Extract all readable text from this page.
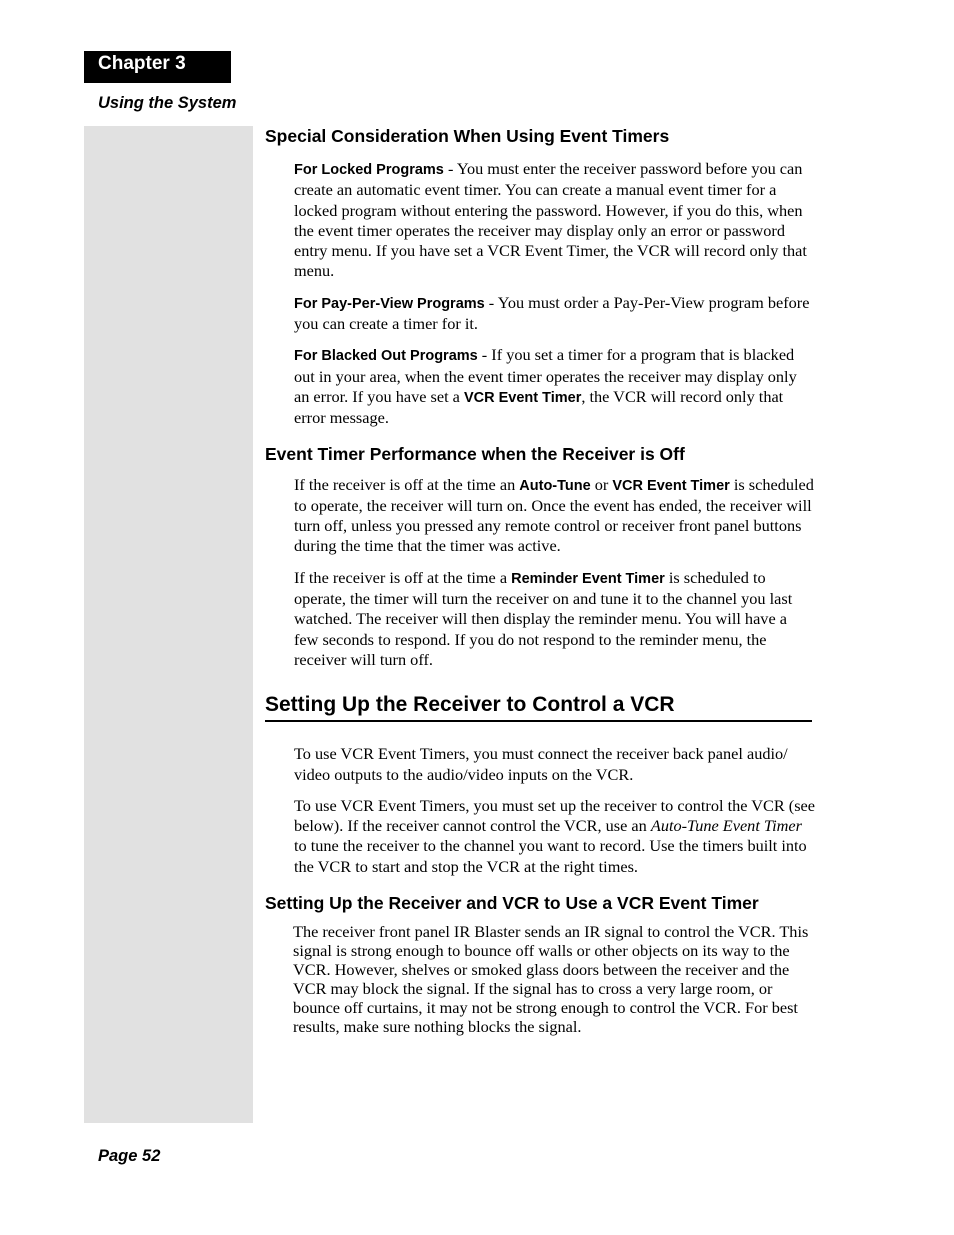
Chapter 3
Using the System
Special Consideration When Using Event Timers

For Locked Programs - You must enter the receiver password before you can create an automatic event timer. You can create a manual event timer for a locked program without entering the password. However, if you do this, when the event timer operates the receiver may display only an error or password entry menu. If you have set a VCR Event Timer, the VCR will record only that menu.

For Pay-Per-View Programs - You must order a Pay-Per-View program before you can create a timer for it.

For Blacked Out Programs - If you set a timer for a program that is blacked out in your area, when the event timer operates the receiver may display only an error. If you have set a VCR Event Timer, the VCR will record only that error message.

Event Timer Performance when the Receiver is Off

If the receiver is off at the time an Auto-Tune or VCR Event Timer is scheduled to operate, the receiver will turn on. Once the event has ended, the receiver will turn off, unless you pressed any remote control or receiver front panel buttons during the time that the timer was active.

If the receiver is off at the time a Reminder Event Timer is scheduled to operate, the timer will turn the receiver on and tune it to the channel you last watched. The receiver will then display the reminder menu. You will have a few seconds to respond. If you do not respond to the reminder menu, the receiver will turn off.

Setting Up the Receiver to Control a VCR

To use VCR Event Timers, you must connect the receiver back panel audio/ video outputs to the audio/video inputs on the VCR.

To use VCR Event Timers, you must set up the receiver to control the VCR (see below). If the receiver cannot control the VCR, use an Auto-Tune Event Timer to tune the receiver to the channel you want to record. Use the timers built into the VCR to start and stop the VCR at the right times.

Setting Up the Receiver and VCR to Use a VCR Event Timer

The receiver front panel IR Blaster sends an IR signal to control the VCR. This signal is strong enough to bounce off walls or other objects on its way to the VCR. However, shelves or smoked glass doors between the receiver and the VCR may block the signal. If the signal has to cross a very large room, or bounce off curtains, it may not be strong enough to control the VCR. For best results, make sure nothing blocks the signal.

Page 52
